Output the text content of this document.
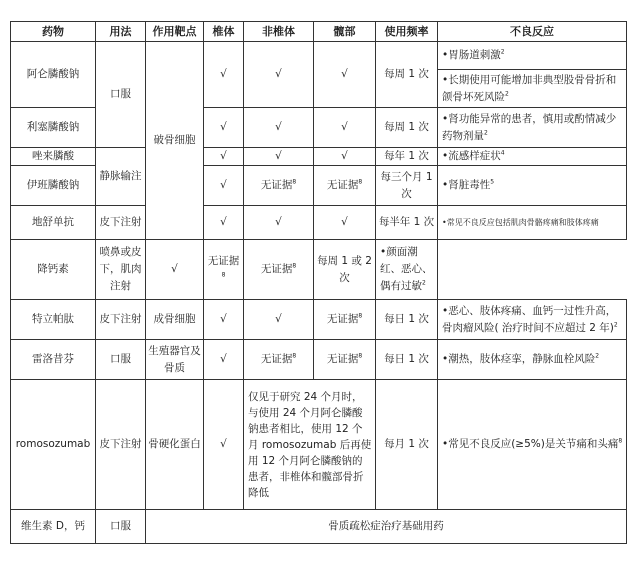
药物	用法	作用靶点	椎体	非椎体	髋部	使用频率	不良反应
阿仑膦酸钠	口服	破骨细胞	√	√	√	每周 1 次	•胃肠道刺激$^2$
							•长期使用可能增加非典型股骨骨折和颌骨坏死风险$^2$
利塞膦酸钠			√	√	√	每周 1 次	•肾功能异常的患者，慎用或酌情减少药物剂量$^2$
唑来膦酸	静脉输注		√	√	√	每年 1 次	•流感样症状$^4$
伊班膦酸钠			√	无证据$^8$	无证据$^8$	每三个月 1 次	•肾脏毒性$^5$
地舒单抗	皮下注射		√	√	√	每半年 1 次	•常见不良反应包括肌肉骨骼疼痛和肢体疼痛
降钙素	喷鼻或皮下，肌肉注射	√	无证据$^8$	无证据$^8$	每周 1 或 2 次	•颜面潮红、恶心、偶有过敏$^2$
特立帕肽	皮下注射	成骨细胞	√	√	无证据$^8$	每日 1 次	•恶心、肢体疼痛、血钙一过性升高，骨肉瘤风险( 治疗时间不应超过 2 年)$^2$
雷洛昔芬	口服	生殖器官及骨质	√	无证据$^8$	无证据$^8$	每日 1 次	•潮热，肢体痉挛，静脉血栓风险$^2$
romosozumab	皮下注射	骨硬化蛋白	√	仅见于研究 24 个月时，与使用 24 个月阿仑膦酸钠患者相比，使用 12 个月 romosozumab 后再使用 12 个月阿仑膦酸钠的患者，非椎体和髋部骨折降低		每月 1 次	•常见不良反应(≥5%)是关节痛和头痛$^8$
维生素 D，钙	口服	骨质疏松症治疗基础用药					
